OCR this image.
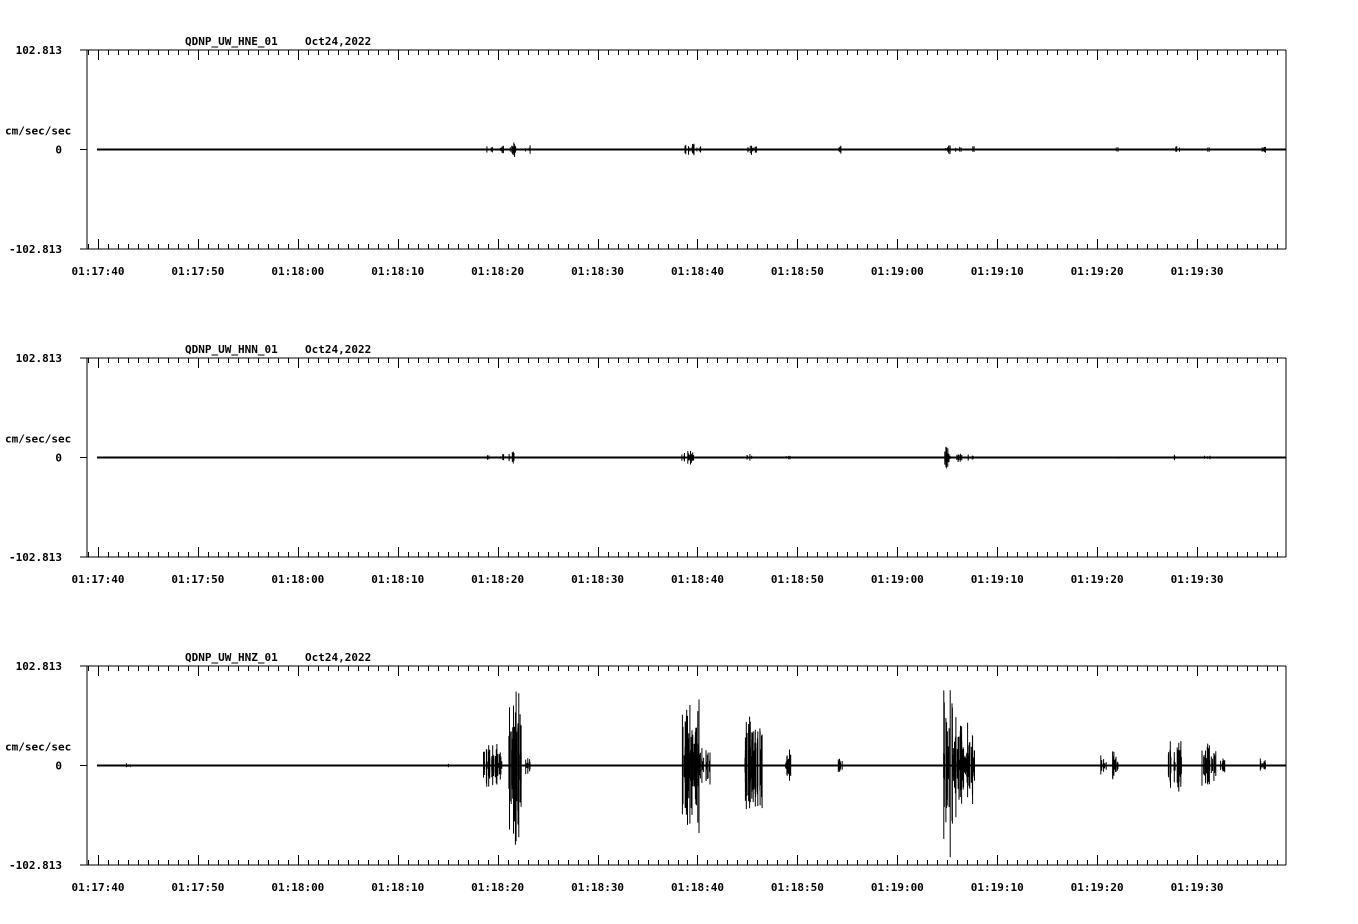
QDNP_UW_HNE_01 Oct24,2022
102.813
0
-102.813
cm/sec/sec
01:17:40	01:17:50	01:18:00	01:18:10	01:18:20	01:18:30	01:18:40	01:18:50	01:19:00	01:19:10	01:19:20	01:19:30
QDNP_UW_HNN_01 Oct24,2022
102.813
0
-102.813
cm/sec/sec
01:17:40	01:17:50	01:18:00	01:18:10	01:18:20	01:18:30	01:18:40	01:18:50	01:19:00	01:19:10	01:19:20	01:19:30
QDNP_UW_HNZ_01 Oct24,2022
102.813
0
-102.813
cm/sec/sec
01:17:40	01:17:50	01:18:00	01:18:10	01:18:20	01:18:30	01:18:40	01:18:50	01:19:00	01:19:10	01:19:20	01:19:30
